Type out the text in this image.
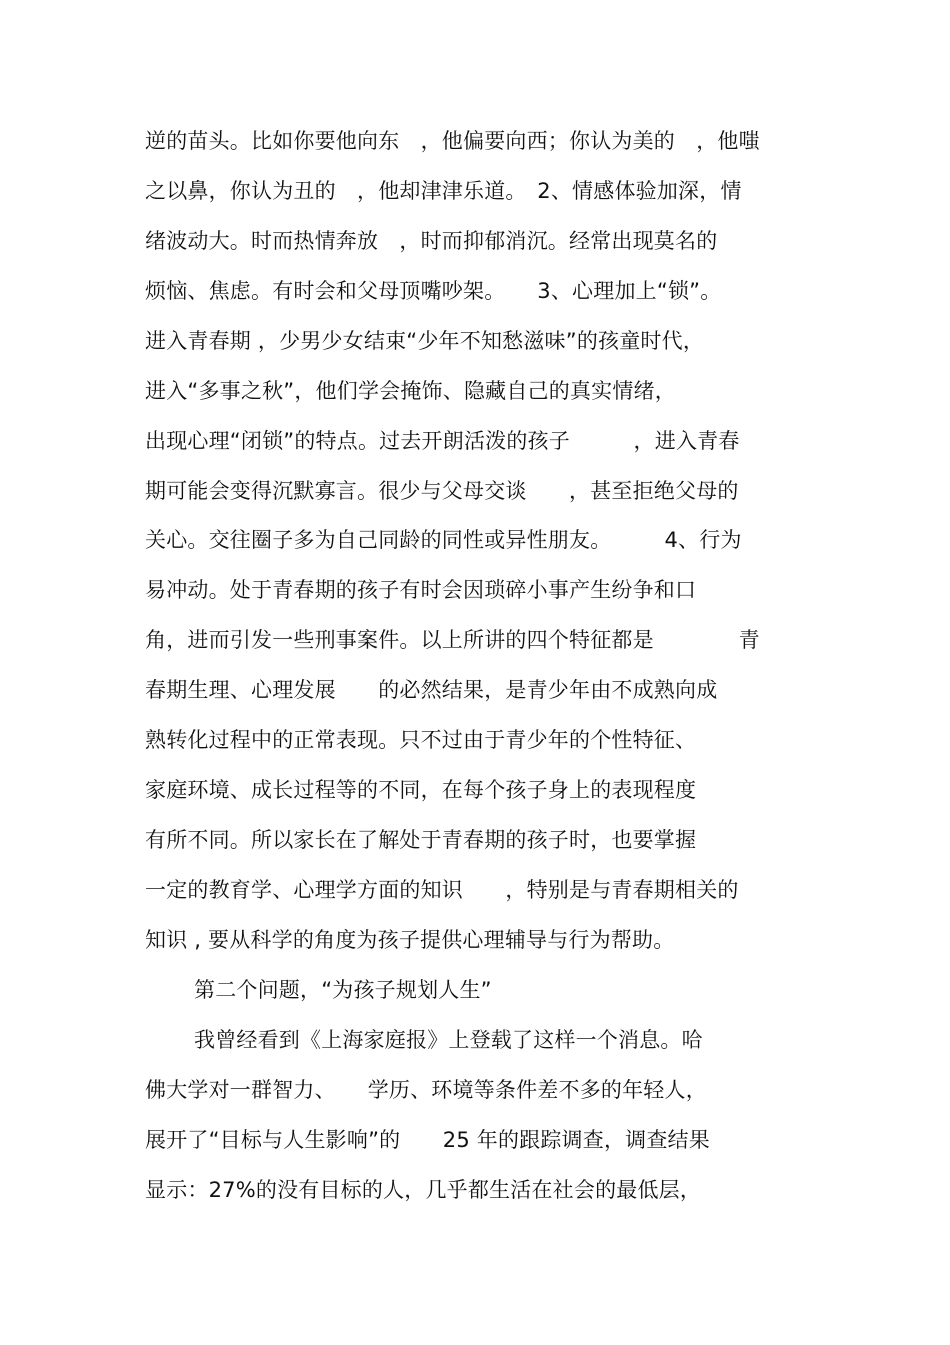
逆的苗头。比如你要他向东　，他偏要向西；你认为美的　，他嗤
之以鼻，你认为丑的　，他却津津乐道。　2、情感体验加深，情
绪波动大。时而热情奔放　，时而抑郁消沉。经常出现莫名的
烦恼、焦虑。有时会和父母顶嘴吵架。　　3、心理加上“锁”。
进入青春期 ，少男少女结束“少年不知愁滋味”的孩童时代，
进入“多事之秋”，他们学会掩饰、隐藏自己的真实情绪，
出现心理“闭锁”的特点。过去开朗活泼的孩子　　　，进入青春
期可能会变得沉默寡言。很少与父母交谈　　，甚至拒绝父母的
关心。交往圈子多为自己同龄的同性或异性朋友。　　　4、行为
易冲动。处于青春期的孩子有时会因琐碎小事产生纷争和口
角，进而引发一些刑事案件。以上所讲的四个特征都是　　　　青
春期生理、心理发展　　的必然结果，是青少年由不成熟向成
熟转化过程中的正常表现。只不过由于青少年的个性特征、
家庭环境、成长过程等的不同，在每个孩子身上的表现程度
有所不同。所以家长在了解处于青春期的孩子时，也要掌握
一定的教育学、心理学方面的知识　　，特别是与青春期相关的
知识 , 要从科学的角度为孩子提供心理辅导与行为帮助。
第二个问题，“为孩子规划人生”
我曾经看到《上海家庭报》上登载了这样一个消息。哈
佛大学对一群智力、　　学历、环境等条件差不多的年轻人，
展开了“目标与人生影响”的　　25 年的跟踪调查，调查结果
显示：27%的没有目标的人，几乎都生活在社会的最低层，
